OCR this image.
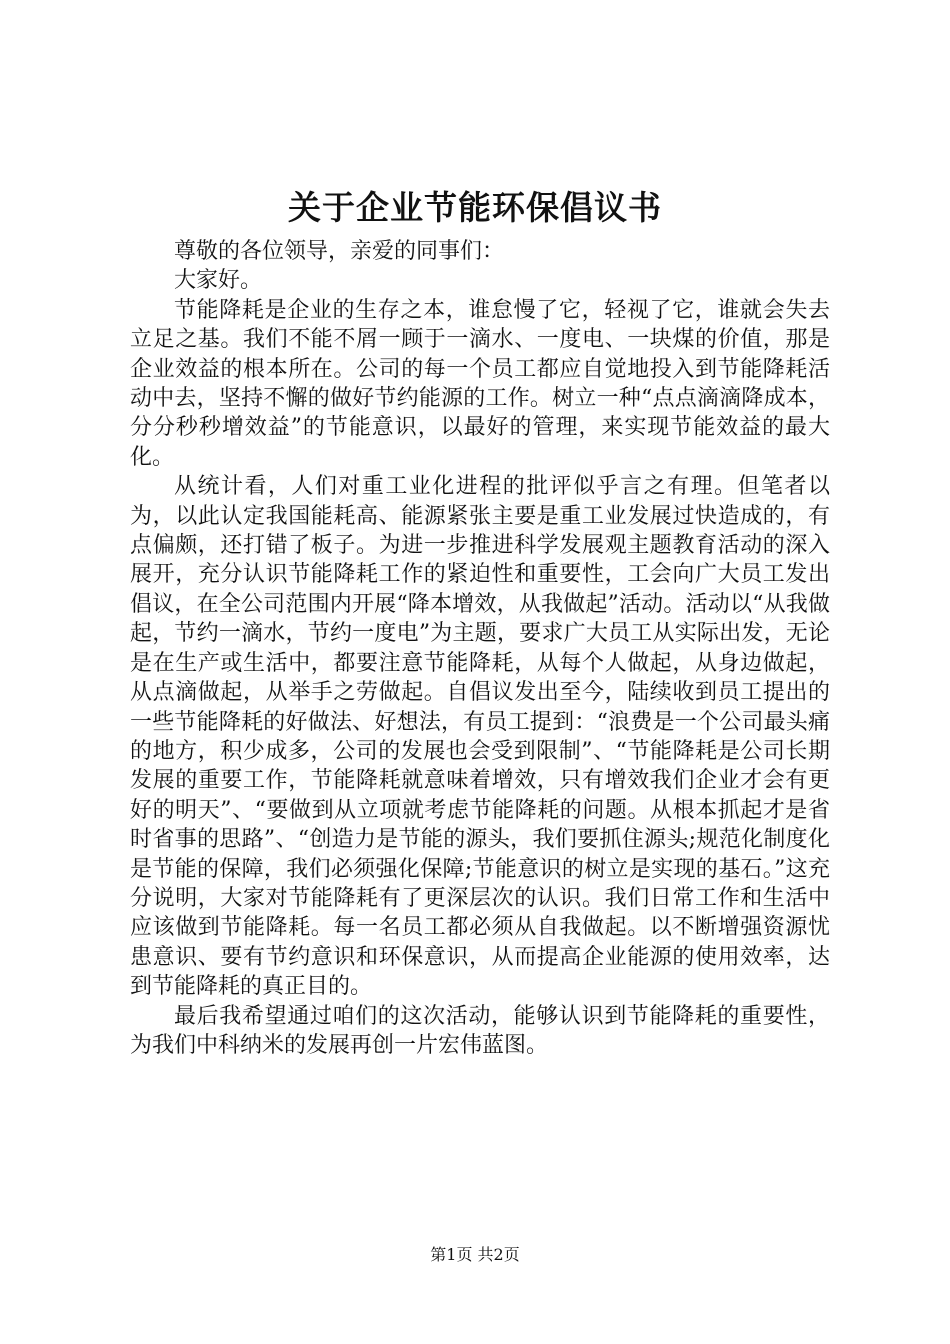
关于企业节能环保倡议书

尊敬的各位领导，亲爱的同事们：

大家好。

节能降耗是企业的生存之本，谁怠慢了它，轻视了它，谁就会失去立足之基。我们不能不屑一顾于一滴水、一度电、一块煤的价值，那是企业效益的根本所在。公司的每一个员工都应自觉地投入到节能降耗活动中去，坚持不懈的做好节约能源的工作。树立一种“点点滴滴降成本，分分秒秒增效益”的节能意识，以最好的管理，来实现节能效益的最大化。

从统计看，人们对重工业化进程的批评似乎言之有理。但笔者以为，以此认定我国能耗高、能源紧张主要是重工业发展过快造成的，有点偏颇，还打错了板子。为进一步推进科学发展观主题教育活动的深入展开，充分认识节能降耗工作的紧迫性和重要性，工会向广大员工发出倡议，在全公司范围内开展“降本增效，从我做起”活动。活动以“从我做起，节约一滴水，节约一度电”为主题，要求广大员工从实际出发，无论是在生产或生活中，都要注意节能降耗，从每个人做起，从身边做起，从点滴做起，从举手之劳做起。自倡议发出至今，陆续收到员工提出的一些节能降耗的好做法、好想法，有员工提到：“浪费是一个公司最头痛的地方，积少成多，公司的发展也会受到限制”、“节能降耗是公司长期发展的重要工作，节能降耗就意味着增效，只有增效我们企业才会有更好的明天”、“要做到从立项就考虑节能降耗的问题。从根本抓起才是省时省事的思路”、“创造力是节能的源头，我们要抓住源头;规范化制度化是节能的保障，我们必须强化保障;节能意识的树立是实现的基石。”这充分说明，大家对节能降耗有了更深层次的认识。我们日常工作和生活中应该做到节能降耗。每一名员工都必须从自我做起。以不断增强资源忧患意识、要有节约意识和环保意识，从而提高企业能源的使用效率，达到节能降耗的真正目的。

最后我希望通过咱们的这次活动，能够认识到节能降耗的重要性，为我们中科纳米的发展再创一片宏伟蓝图。

第1页 共2页
